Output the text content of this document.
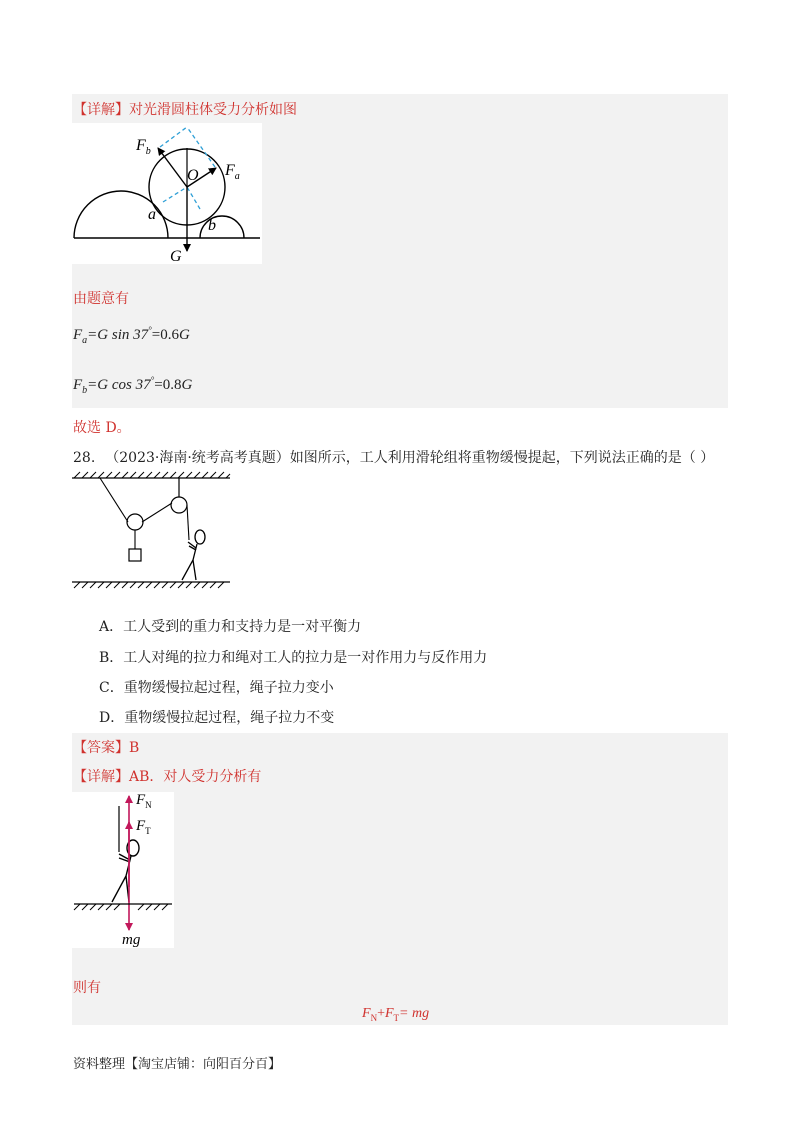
【详解】对光滑圆柱体受力分析如图
$F_b$
O $F_a$
a
b
G
由题意有
$F_a=G$ sin 37°=0.6G
$F_b=G$ cos 37°=0.8G
故选 D。
28. （2023·海南·统考高考真题）如图所示，工人利用滑轮组将重物缓慢提起，下列说法正确的是（ ）
A．工人受到的重力和支持力是一对平衡力
B．工人对绳的拉力和绳对工人的拉力是一对作用力与反作用力
C．重物缓慢拉起过程，绳子拉力变小
D．重物缓慢拉起过程，绳子拉力不变
【答案】B
【详解】AB．对人受力分析有
$F_N$
$F_T$
mg
则有
$F_N+F_T=$ mg
资料整理【淘宝店铺：向阳百分百】
